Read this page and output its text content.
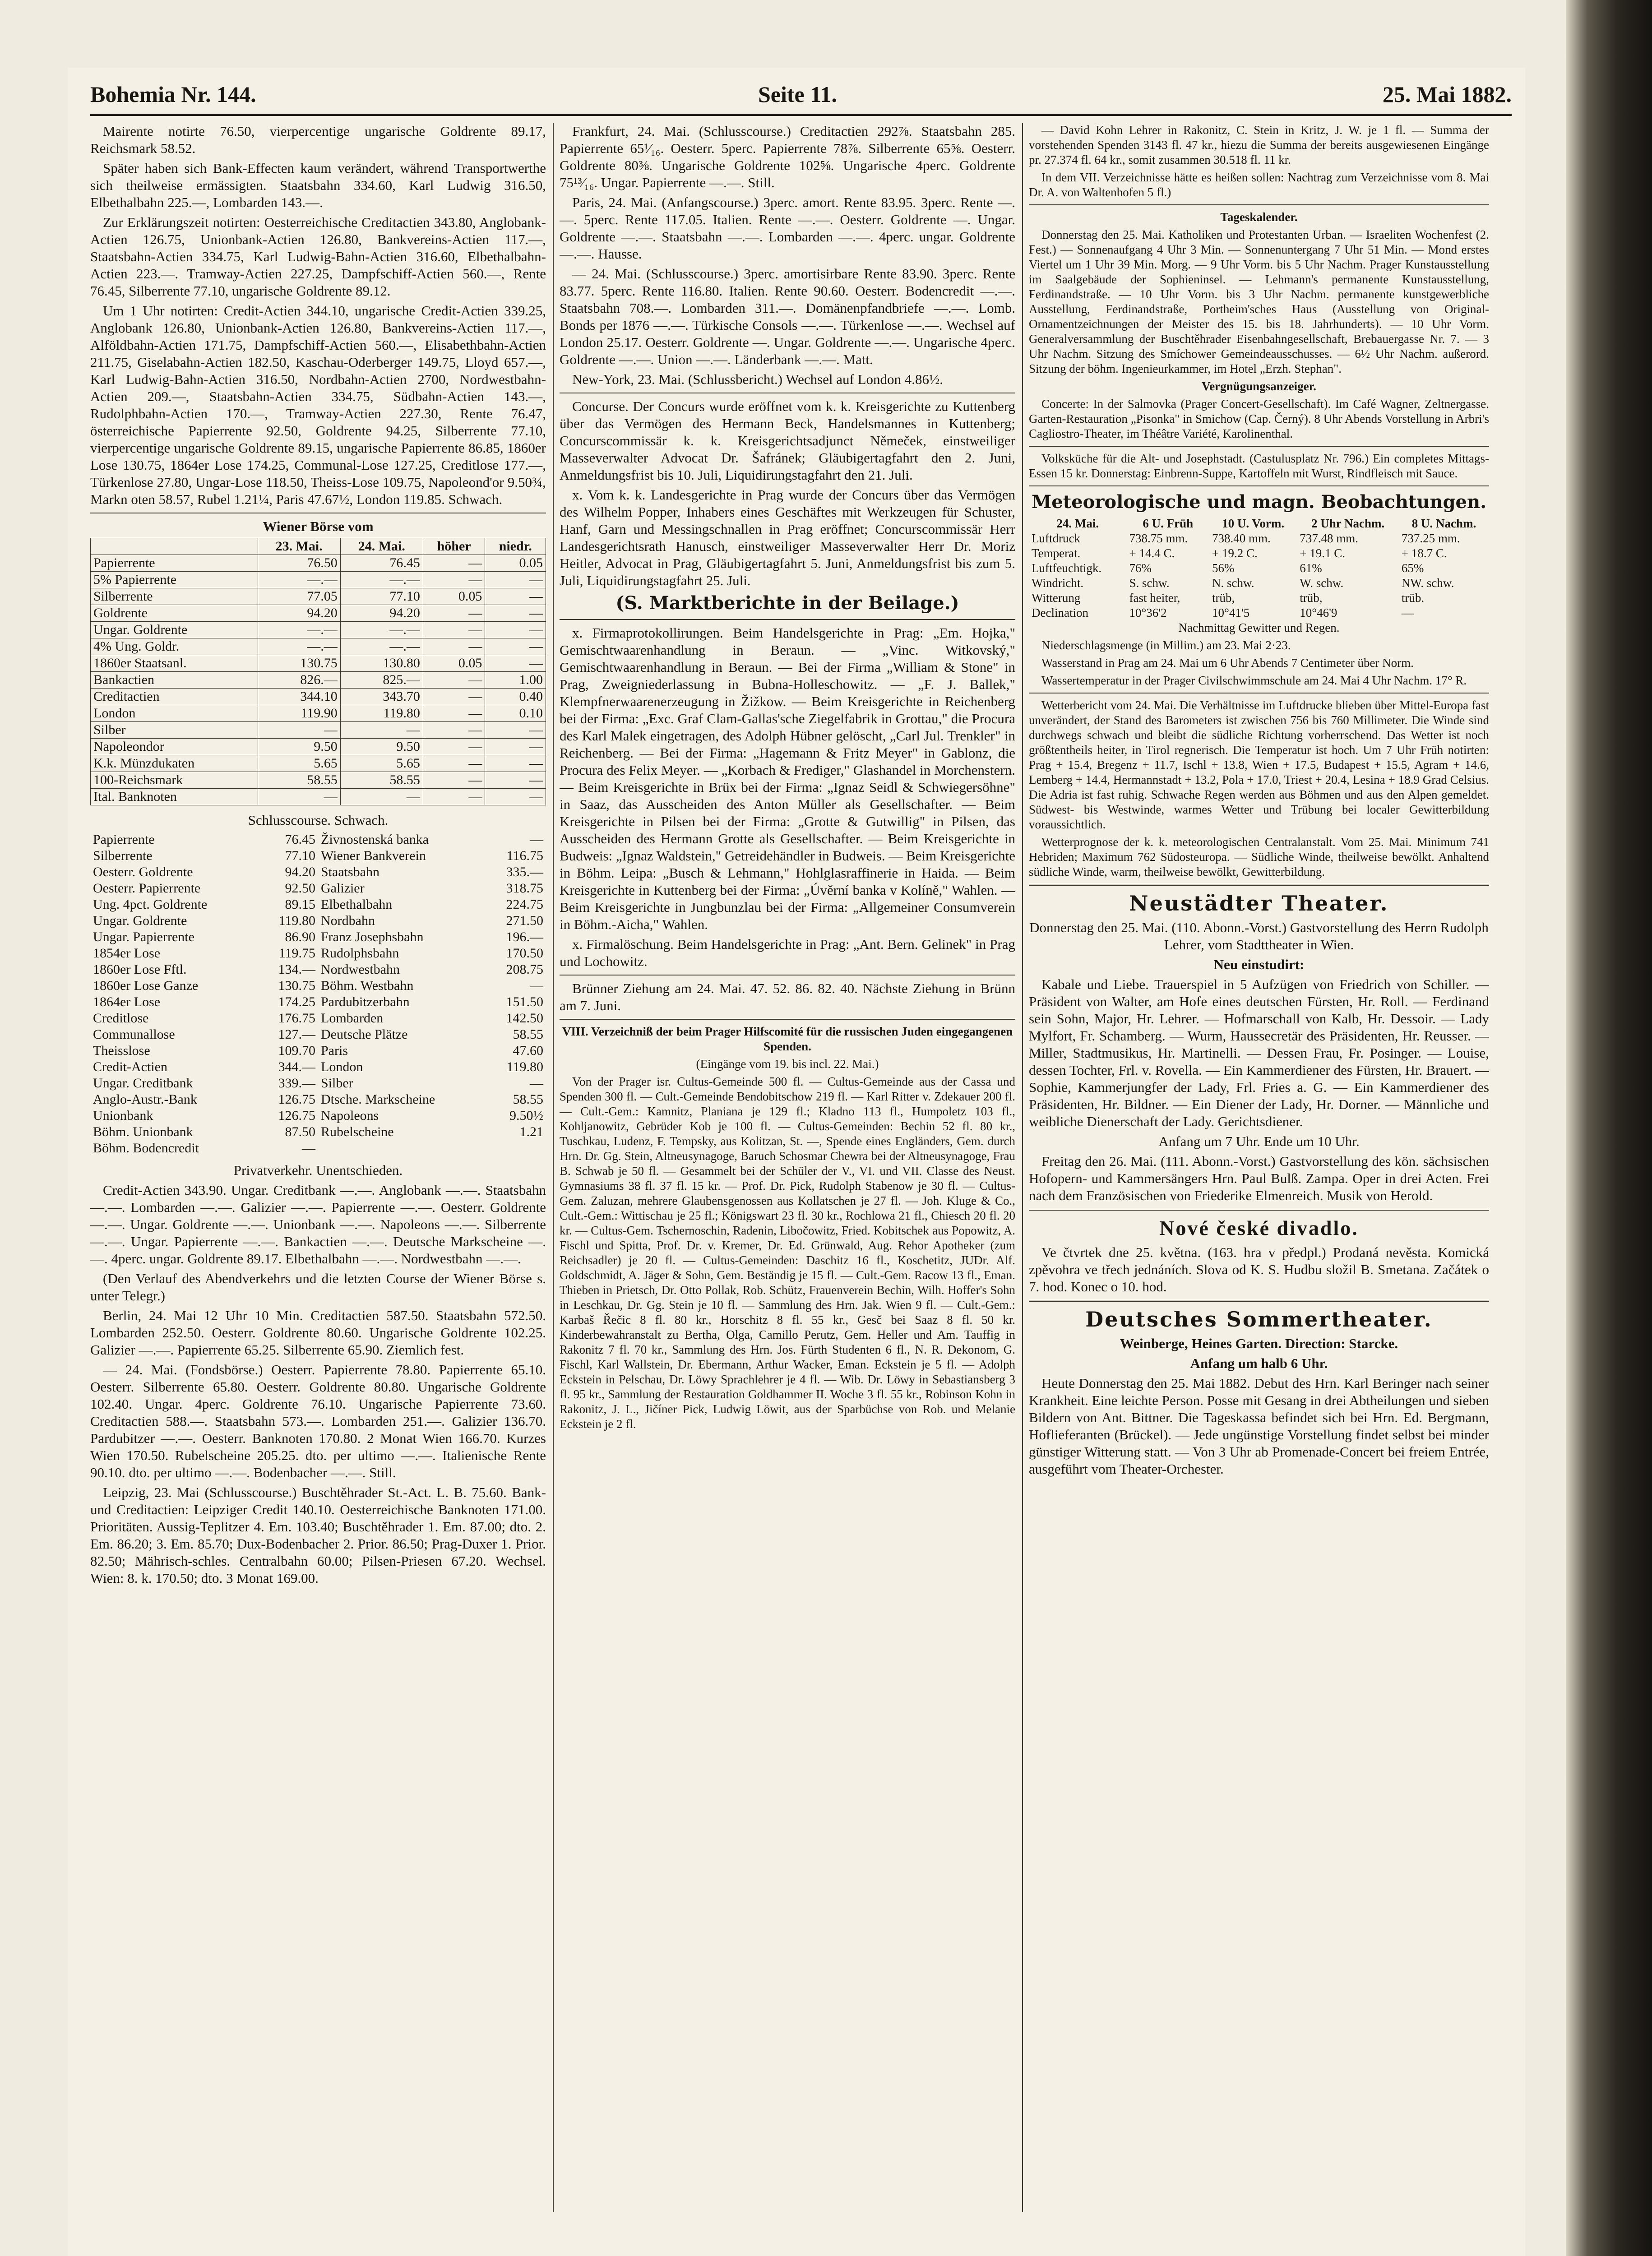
Bohemia Nr. 144.	Seite 11.	25. Mai 1882.

Mairente notirte 76.50, vierpercentige ungarische Goldrente 89.17, Reichsmark 58.52.

Später haben sich Bank-Effecten kaum verändert, während Transportwerthe sich theilweise ermässigten. Staatsbahn 334.60, Karl Ludwig 316.50, Elbethalbahn 225.—, Lombarden 143.—.

Zur Erklärungszeit notirten: Oesterreichische Creditactien 343.80, Anglobank-Actien 126.75, Unionbank-Actien 126.80, Bankvereins-Actien 117.—, Staatsbahn-Actien 334.75, Karl Ludwig-Bahn-Actien 316.60, Elbethalbahn-Actien 223.—. Tramway-Actien 227.25, Dampfschiff-Actien 560.—, Rente 76.45, Silberrente 77.10, ungarische Goldrente 89.12.

Um 1 Uhr notirten: Credit-Actien 344.10, ungarische Credit-Actien 339.25, Anglobank 126.80, Unionbank-Actien 126.80, Bankvereins-Actien 117.—, Alföldbahn-Actien 171.75, Dampfschiff-Actien 560.—, Elisabethbahn-Actien 211.75, Giselabahn-Actien 182.50, Kaschau-Oderberger 149.75, Lloyd 657.—, Karl Ludwig-Bahn-Actien 316.50, Nordbahn-Actien 2700, Nordwestbahn-Actien 209.—, Staatsbahn-Actien 334.75, Südbahn-Actien 143.—, Rudolphbahn-Actien 170.—, Tramway-Actien 227.30, Rente 76.47, österreichische Papierrente 92.50, Goldrente 94.25, Silberrente 77.10, vierpercentige ungarische Goldrente 89.15, ungarische Papierrente 86.85, 1860er Lose 130.75, 1864er Lose 174.25, Communal-Lose 127.25, Creditlose 177.—, Türkenlose 27.80, Ungar-Lose 118.50, Theiss-Lose 109.75, Napoleond'or 9.50¾, Markn oten 58.57, Rubel 1.21¼, Paris 47.67½, London 119.85. Schwach.

Wiener Börse vom

	23. Mai.	24. Mai.	höher	niedr.
Papierrente	76.50	76.45	—	0.05
5% Papierrente	—.—	—.—	—	—
Silberrente	77.05	77.10	0.05	—
Goldrente	94.20	94.20	—	—
Ungar. Goldrente	—.—	—.—	—	—
4% Ung. Goldr.	—.—	—.—	—	—
1860er Staatsanl.	130.75	130.80	0.05	—
Bankactien	826.—	825.—	—	1.00
Creditactien	344.10	343.70	—	0.40
London	119.90	119.80	—	0.10
Silber	—	—	—	—
Napoleondor	9.50	9.50	—	—
K.k. Münzdukaten	5.65	5.65	—	—
100-Reichsmark	58.55	58.55	—	—
Ital. Banknoten	—	—	—	—

Schlusscourse. Schwach.

Papierrente	76.45	Živnostenská banka	—
Silberrente	77.10	Wiener Bankverein	116.75
Oesterr. Goldrente	94.20	Staatsbahn	335.—
Oesterr. Papierrente	92.50	Galizier	318.75
Ung. 4pct. Goldrente	89.15	Elbethalbahn	224.75
Ungar. Goldrente	119.80	Nordbahn	271.50
Ungar. Papierrente	86.90	Franz Josephsbahn	196.—
1854er Lose	119.75	Rudolphsbahn	170.50
1860er Lose Fftl.	134.—	Nordwestbahn	208.75
1860er Lose Ganze	130.75	Böhm. Westbahn	—
1864er Lose	174.25	Pardubitzerbahn	151.50
Creditlose	176.75	Lombarden	142.50
Communallose	127.—	Deutsche Plätze	58.55
Theisslose	109.70	Paris	47.60
Credit-Actien	344.—	London	119.80
Ungar. Creditbank	339.—	Silber	—
Anglo-Austr.-Bank	126.75	Dtsche. Markscheine	58.55
Unionbank	126.75	Napoleons	9.50½
Böhm. Unionbank	87.50	Rubelscheine	1.21
Böhm. Bodencredit	—		

Privatverkehr. Unentschieden.

Credit-Actien 343.90. Ungar. Creditbank —.—. Anglobank —.—. Staatsbahn —.—. Lombarden —.—. Galizier —.—. Papierrente —.—. Oesterr. Goldrente —.—. Ungar. Goldrente —.—. Unionbank —.—. Napoleons —.—. Silberrente —.—. Ungar. Papierrente —.—. Bankactien —.—. Deutsche Markscheine —.—. 4perc. ungar. Goldrente 89.17. Elbethalbahn —.—. Nordwestbahn —.—.

(Den Verlauf des Abendverkehrs und die letzten Course der Wiener Börse s. unter Telegr.)

Berlin, 24. Mai 12 Uhr 10 Min. Creditactien 587.50. Staatsbahn 572.50. Lombarden 252.50. Oesterr. Goldrente 80.60. Ungarische Goldrente 102.25. Galizier —.—. Papierrente 65.25. Silberrente 65.90. Ziemlich fest.

— 24. Mai. (Fondsbörse.) Oesterr. Papierrente 78.80. Papierrente 65.10. Oesterr. Silberrente 65.80. Oesterr. Goldrente 80.80. Ungarische Goldrente 102.40. Ungar. 4perc. Goldrente 76.10. Ungarische Papierrente 73.60. Creditactien 588.—. Staatsbahn 573.—. Lombarden 251.—. Galizier 136.70. Pardubitzer —.—. Oesterr. Banknoten 170.80. 2 Monat Wien 166.70. Kurzes Wien 170.50. Rubelscheine 205.25. dto. per ultimo —.—. Italienische Rente 90.10. dto. per ultimo —.—. Bodenbacher —.—. Still.

Leipzig, 23. Mai (Schlusscourse.) Buschtěhrader St.-Act. L. B. 75.60. Bank- und Creditactien: Leipziger Credit 140.10. Oesterreichische Banknoten 171.00. Prioritäten. Aussig-Teplitzer 4. Em. 103.40; Buschtěhrader 1. Em. 87.00; dto. 2. Em. 86.20; 3. Em. 85.70; Dux-Bodenbacher 2. Prior. 86.50; Prag-Duxer 1. Prior. 82.50; Mährisch-schles. Centralbahn 60.00; Pilsen-Priesen 67.20. Wechsel. Wien: 8. k. 170.50; dto. 3 Monat 169.00.

Frankfurt, 24. Mai. (Schlusscourse.) Creditactien 292⅞. Staatsbahn 285. Papierrente 65¹⁄₁₆. Oesterr. 5perc. Papierrente 78⅞. Silberrente 65⅝. Oesterr. Goldrente 80⅜. Ungarische Goldrente 102⅝. Ungarische 4perc. Goldrente 75¹³⁄₁₆. Ungar. Papierrente —.—. Still.

Paris, 24. Mai. (Anfangscourse.) 3perc. amort. Rente 83.95. 3perc. Rente —.—. 5perc. Rente 117.05. Italien. Rente —.—. Oesterr. Goldrente —. Ungar. Goldrente —.—. Staatsbahn —.—. Lombarden —.—. 4perc. ungar. Goldrente —.—. Hausse.

— 24. Mai. (Schlusscourse.) 3perc. amortisirbare Rente 83.90. 3perc. Rente 83.77. 5perc. Rente 116.80. Italien. Rente 90.60. Oesterr. Bodencredit —.—. Staatsbahn 708.—. Lombarden 311.—. Domänenpfandbriefe —.—. Lomb. Bonds per 1876 —.—. Türkische Consols —.—. Türkenlose —.—. Wechsel auf London 25.17. Oesterr. Goldrente —. Ungar. Goldrente —.—. Ungarische 4perc. Goldrente —.—. Union —.—. Länderbank —.—. Matt.

New-York, 23. Mai. (Schlussbericht.) Wechsel auf London 4.86½.

Concurse. Der Concurs wurde eröffnet vom k. k. Kreisgerichte zu Kuttenberg über das Vermögen des Hermann Beck, Handelsmannes in Kuttenberg; Concurscommissär k. k. Kreisgerichtsadjunct Němeček, einstweiliger Masseverwalter Advocat Dr. Šafránek; Gläubigertagfahrt den 2. Juni, Anmeldungsfrist bis 10. Juli, Liquidirungstagfahrt den 21. Juli.

x. Vom k. k. Landesgerichte in Prag wurde der Concurs über das Vermögen des Wilhelm Popper, Inhabers eines Geschäftes mit Werkzeugen für Schuster, Hanf, Garn und Messingschnallen in Prag eröffnet; Concurscommissär Herr Landesgerichtsrath Hanusch, einstweiliger Masseverwalter Herr Dr. Moriz Heitler, Advocat in Prag, Gläubigertagfahrt 5. Juni, Anmeldungsfrist bis zum 5. Juli, Liquidirungstagfahrt 25. Juli.

(S. Marktberichte in der Beilage.)

x. Firmaprotokollirungen. Beim Handelsgerichte in Prag: „Em. Hojka," Gemischtwaarenhandlung in Beraun. — „Vinc. Witkovský," Gemischtwaarenhandlung in Beraun. — Bei der Firma „William & Stone" in Prag, Zweigniederlassung in Bubna-Holleschowitz. — „F. J. Ballek," Klempfnerwaarenerzeugung in Žižkow. — Beim Kreisgerichte in Reichenberg bei der Firma: „Exc. Graf Clam-Gallas'sche Ziegelfabrik in Grottau," die Procura des Karl Malek eingetragen, des Adolph Hübner gelöscht, „Carl Jul. Trenkler" in Reichenberg. — Bei der Firma: „Hagemann & Fritz Meyer" in Gablonz, die Procura des Felix Meyer. — „Korbach & Frediger," Glashandel in Morchenstern. — Beim Kreisgerichte in Brüx bei der Firma: „Ignaz Seidl & Schwiegersöhne" in Saaz, das Ausscheiden des Anton Müller als Gesellschafter. — Beim Kreisgerichte in Pilsen bei der Firma: „Grotte & Gutwillig" in Pilsen, das Ausscheiden des Hermann Grotte als Gesellschafter. — Beim Kreisgerichte in Budweis: „Ignaz Waldstein," Getreidehändler in Budweis. — Beim Kreisgerichte in Böhm. Leipa: „Busch & Lehmann," Hohlglasraffinerie in Haida. — Beim Kreisgerichte in Kuttenberg bei der Firma: „Úvěrní banka v Kolíně," Wahlen. — Beim Kreisgerichte in Jungbunzlau bei der Firma: „Allgemeiner Consumverein in Böhm.-Aicha," Wahlen.

x. Firmalöschung. Beim Handelsgerichte in Prag: „Ant. Bern. Gelinek" in Prag und Lochowitz.

Brünner Ziehung am 24. Mai. 47. 52. 86. 82. 40. Nächste Ziehung in Brünn am 7. Juni.

VIII. Verzeichniß der beim Prager Hilfscomité für die russischen Juden eingegangenen Spenden.

(Eingänge vom 19. bis incl. 22. Mai.)

Von der Prager isr. Cultus-Gemeinde 500 fl. — Cultus-Gemeinde aus der Cassa und Spenden 300 fl. — Cult.-Gemeinde Bendobitschow 219 fl. — Karl Ritter v. Zdekauer 200 fl. — Cult.-Gem.: Kamnitz, Planiana je 129 fl.; Kladno 113 fl., Humpoletz 103 fl., Kohljanowitz, Gebrüder Kob je 100 fl. — Cultus-Gemeinden: Bechin 52 fl. 80 kr., Tuschkau, Ludenz, F. Tempsky, aus Kolitzan, St. —, Spende eines Engländers, Gem. durch Hrn. Dr. Gg. Stein, Altneusynagoge, Baruch Schosmar Chewra bei der Altneusynagoge, Frau B. Schwab je 50 fl. — Gesammelt bei der Schüler der V., VI. und VII. Classe des Neust. Gymnasiums 38 fl. 37 fl. 15 kr. — Prof. Dr. Pick, Rudolph Stabenow je 30 fl. — Cultus-Gem. Zaluzan, mehrere Glaubensgenossen aus Kollatschen je 27 fl. — Joh. Kluge & Co., Cult.-Gem.: Wittischau je 25 fl.; Königswart 23 fl. 30 kr., Rochlowa 21 fl., Chiesch 20 fl. 20 kr. — Cultus-Gem. Tschernoschin, Radenin, Libočowitz, Fried. Kobitschek aus Popowitz, A. Fischl und Spitta, Prof. Dr. v. Kremer, Dr. Ed. Grünwald, Aug. Rehor Apotheker (zum Reichsadler) je 20 fl. — Cultus-Gemeinden: Daschitz 16 fl., Koschetitz, JUDr. Alf. Goldschmidt, A. Jäger & Sohn, Gem. Beständig je 15 fl. — Cult.-Gem. Racow 13 fl., Eman. Thieben in Prietsch, Dr. Otto Pollak, Rob. Schütz, Frauenverein Bechin, Wilh. Hoffer's Sohn in Leschkau, Dr. Gg. Stein je 10 fl. — Sammlung des Hrn. Jak. Wien 9 fl. — Cult.-Gem.: Karbaš Řečic 8 fl. 80 kr., Horschitz 8 fl. 55 kr., Gesč bei Saaz 8 fl. 50 kr. Kinderbewahranstalt zu Bertha, Olga, Camillo Perutz, Gem. Heller und Am. Tauffig in Rakonitz 7 fl. 70 kr., Sammlung des Hrn. Jos. Fürth Studenten 6 fl., N. R. Dekonom, G. Fischl, Karl Wallstein, Dr. Ebermann, Arthur Wacker, Eman. Eckstein je 5 fl. — Adolph Eckstein in Pelschau, Dr. Löwy Sprachlehrer je 4 fl. — Wib. Dr. Löwy in Sebastiansberg 3 fl. 95 kr., Sammlung der Restauration Goldhammer II. Woche 3 fl. 55 kr., Robinson Kohn in Rakonitz, J. L., Jičíner Pick, Ludwig Löwit, aus der Sparbüchse von Rob. und Melanie Eckstein je 2 fl.

— David Kohn Lehrer in Rakonitz, C. Stein in Kritz, J. W. je 1 fl. — Summa der vorstehenden Spenden 3143 fl. 47 kr., hiezu die Summa der bereits ausgewiesenen Eingänge pr. 27.374 fl. 64 kr., somit zusammen 30.518 fl. 11 kr.

In dem VII. Verzeichnisse hätte es heißen sollen: Nachtrag zum Verzeichnisse vom 8. Mai Dr. A. von Waltenhofen 5 fl.)

Tageskalender.

Donnerstag den 25. Mai. Katholiken und Protestanten Urban. — Israeliten Wochenfest (2. Fest.) — Sonnenaufgang 4 Uhr 3 Min. — Sonnenuntergang 7 Uhr 51 Min. — Mond erstes Viertel um 1 Uhr 39 Min. Morg. — 9 Uhr Vorm. bis 5 Uhr Nachm. Prager Kunstausstellung im Saalgebäude der Sophieninsel. — Lehmann's permanente Kunstausstellung, Ferdinandstraße. — 10 Uhr Vorm. bis 3 Uhr Nachm. permanente kunstgewerbliche Ausstellung, Ferdinandstraße, Portheim'sches Haus (Ausstellung von Original-Ornamentzeichnungen der Meister des 15. bis 18. Jahrhunderts). — 10 Uhr Vorm. Generalversammlung der Buschtěhrader Eisenbahngesellschaft, Brebauergasse Nr. 7. — 3 Uhr Nachm. Sitzung des Smíchower Gemeindeausschusses. — 6½ Uhr Nachm. außerord. Sitzung der böhm. Ingenieurkammer, im Hotel „Erzh. Stephan".

Vergnügungsanzeiger.

Concerte: In der Salmovka (Prager Concert-Gesellschaft). Im Café Wagner, Zeltnergasse. Garten-Restauration „Pisonka" in Smichow (Cap. Černý). 8 Uhr Abends Vorstellung in Arbri's Cagliostro-Theater, im Théâtre Variété, Karolinenthal.

Volksküche für die Alt- und Josephstadt. (Castulusplatz Nr. 796.) Ein completes Mittags-Essen 15 kr. Donnerstag: Einbrenn-Suppe, Kartoffeln mit Wurst, Rindfleisch mit Sauce.

Meteorologische und magn. Beobachtungen.

24. Mai.	6 U. Früh	10 U. Vorm.	2 Uhr Nachm.	8 U. Nachm.
Luftdruck	738.75 mm.	738.40 mm.	737.48 mm.	737.25 mm.
Temperat.	+ 14.4 C.	+ 19.2 C.	+ 19.1 C.	+ 18.7 C.
Luftfeuchtigk.	76%	56%	61%	65%
Windricht.	S. schw.	N. schw.	W. schw.	NW. schw.
Witterung	fast heiter,	trüb,	trüb,	trüb.
Declination	10°36'2	10°41'5	10°46'9	—

Nachmittag Gewitter und Regen.

Niederschlagsmenge (in Millim.) am 23. Mai 2·23.

Wasserstand in Prag am 24. Mai um 6 Uhr Abends 7 Centimeter über Norm.

Wassertemperatur in der Prager Civilschwimmschule am 24. Mai 4 Uhr Nachm. 17° R.

Wetterbericht vom 24. Mai. Die Verhältnisse im Luftdrucke blieben über Mittel-Europa fast unverändert, der Stand des Barometers ist zwischen 756 bis 760 Millimeter. Die Winde sind durchwegs schwach und bleibt die südliche Richtung vorherrschend. Das Wetter ist noch größtentheils heiter, in Tirol regnerisch. Die Temperatur ist hoch. Um 7 Uhr Früh notirten: Prag + 15.4, Bregenz + 11.7, Ischl + 13.8, Wien + 17.5, Budapest + 15.5, Agram + 14.6, Lemberg + 14.4, Hermannstadt + 13.2, Pola + 17.0, Triest + 20.4, Lesina + 18.9 Grad Celsius. Die Adria ist fast ruhig. Schwache Regen werden aus Böhmen und aus den Alpen gemeldet. Südwest- bis Westwinde, warmes Wetter und Trübung bei localer Gewitterbildung voraussichtlich.

Wetterprognose der k. k. meteorologischen Centralanstalt. Vom 25. Mai. Minimum 741 Hebriden; Maximum 762 Südosteuropa. — Südliche Winde, theilweise bewölkt. Anhaltend südliche Winde, warm, theilweise bewölkt, Gewitterbildung.

Neustädter Theater.

Donnerstag den 25. Mai. (110. Abonn.-Vorst.) Gastvorstellung des Herrn Rudolph Lehrer, vom Stadttheater in Wien.

Neu einstudirt:

Kabale und Liebe. Trauerspiel in 5 Aufzügen von Friedrich von Schiller. — Präsident von Walter, am Hofe eines deutschen Fürsten, Hr. Roll. — Ferdinand sein Sohn, Major, Hr. Lehrer. — Hofmarschall von Kalb, Hr. Dessoir. — Lady Mylfort, Fr. Schamberg. — Wurm, Haussecretär des Präsidenten, Hr. Reusser. — Miller, Stadtmusikus, Hr. Martinelli. — Dessen Frau, Fr. Posinger. — Louise, dessen Tochter, Frl. v. Rovella. — Ein Kammerdiener des Fürsten, Hr. Brauert. — Sophie, Kammerjungfer der Lady, Frl. Fries a. G. — Ein Kammerdiener des Präsidenten, Hr. Bildner. — Ein Diener der Lady, Hr. Dorner. — Männliche und weibliche Dienerschaft der Lady. Gerichtsdiener.

Anfang um 7 Uhr. Ende um 10 Uhr.

Freitag den 26. Mai. (111. Abonn.-Vorst.) Gastvorstellung des kön. sächsischen Hofopern- und Kammersängers Hrn. Paul Bulß. Zampa. Oper in drei Acten. Frei nach dem Französischen von Friederike Elmenreich. Musik von Herold.

Nové české divadlo.

Ve čtvrtek dne 25. května. (163. hra v předpl.) Prodaná nevěsta. Komická zpěvohra ve třech jednáních. Slova od K. S. Hudbu složil B. Smetana. Začátek o 7. hod. Konec o 10. hod.

Deutsches Sommertheater.

Weinberge, Heines Garten. Direction: Starcke.

Anfang um halb 6 Uhr.

Heute Donnerstag den 25. Mai 1882. Debut des Hrn. Karl Beringer nach seiner Krankheit. Eine leichte Person. Posse mit Gesang in drei Abtheilungen und sieben Bildern von Ant. Bittner. Die Tageskassa befindet sich bei Hrn. Ed. Bergmann, Hoflieferanten (Brückel). — Jede ungünstige Vorstellung findet selbst bei minder günstiger Witterung statt. — Von 3 Uhr ab Promenade-Concert bei freiem Entrée, ausgeführt vom Theater-Orchester.
